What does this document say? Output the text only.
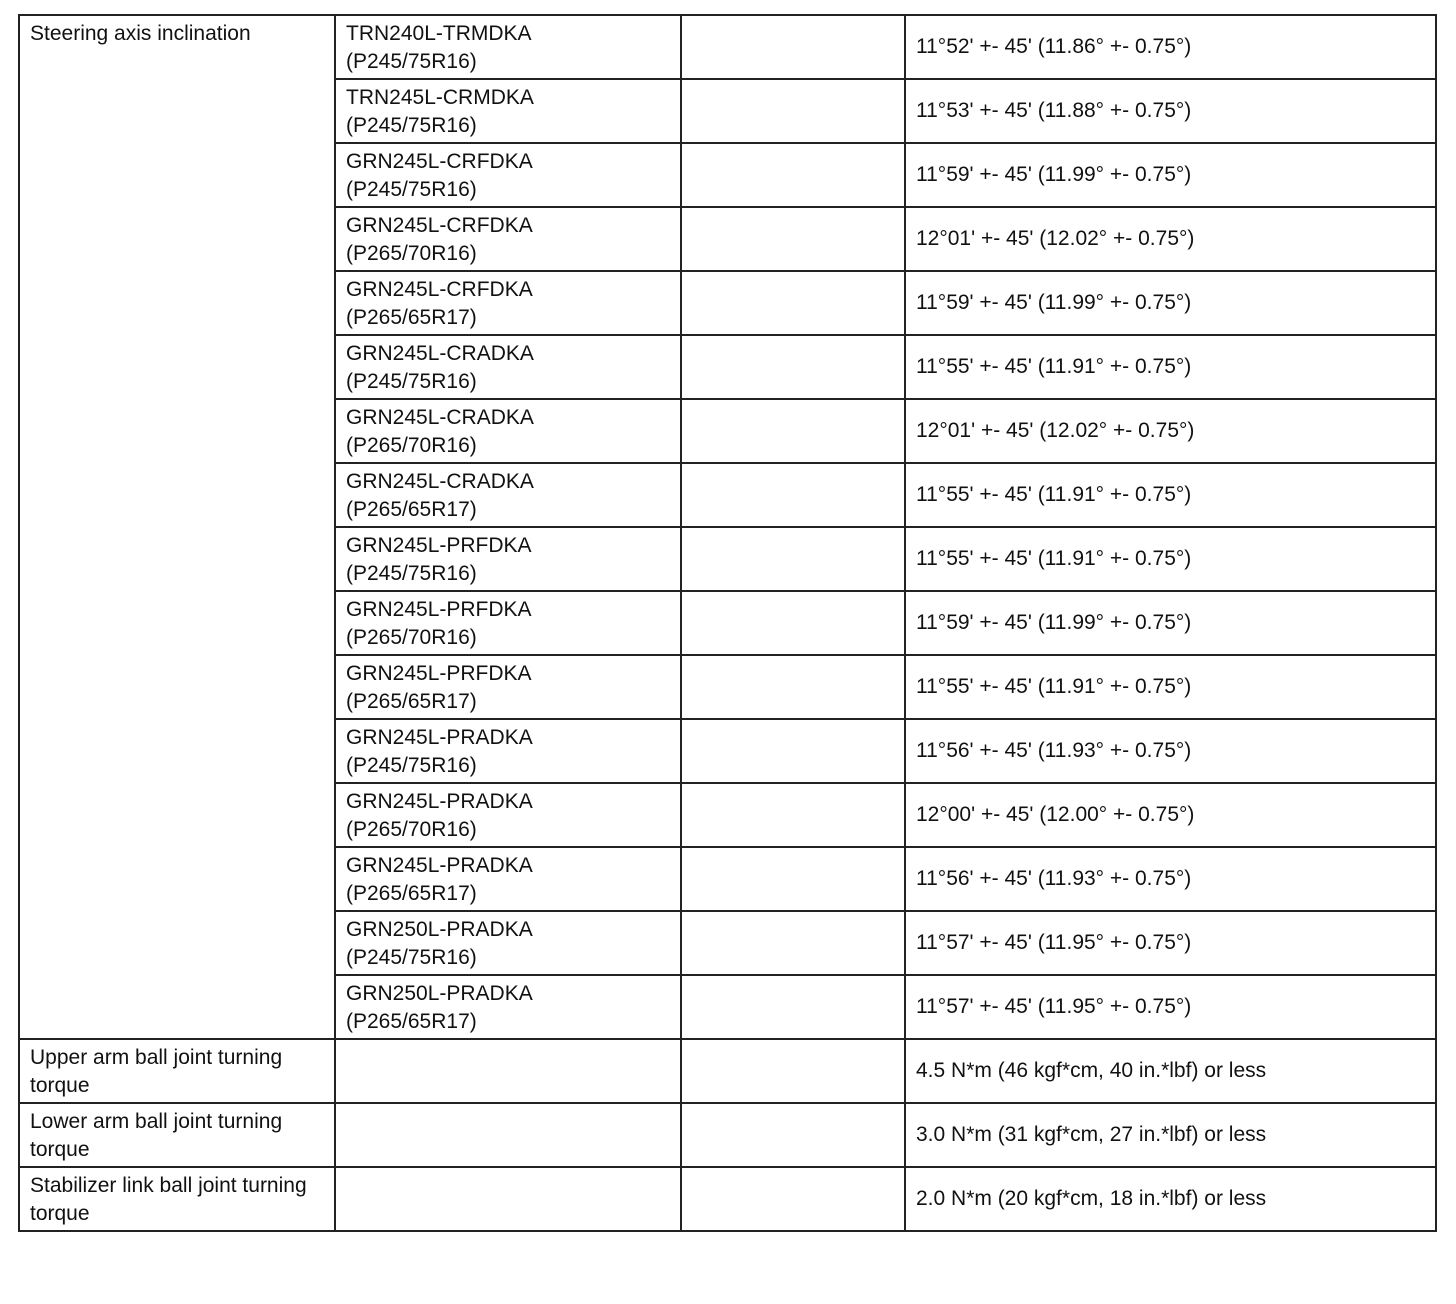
Steering axis inclination	TRN240L-TRMDKA
(P245/75R16)		11°52' +- 45' (11.86° +- 0.75°)

	TRN245L-CRMDKA
(P245/75R16)		11°53' +- 45' (11.88° +- 0.75°)

	GRN245L-CRFDKA
(P245/75R16)		11°59' +- 45' (11.99° +- 0.75°)

	GRN245L-CRFDKA
(P265/70R16)		12°01' +- 45' (12.02° +- 0.75°)

	GRN245L-CRFDKA
(P265/65R17)		11°59' +- 45' (11.99° +- 0.75°)

	GRN245L-CRADKA
(P245/75R16)		11°55' +- 45' (11.91° +- 0.75°)

	GRN245L-CRADKA
(P265/70R16)		12°01' +- 45' (12.02° +- 0.75°)

	GRN245L-CRADKA
(P265/65R17)		11°55' +- 45' (11.91° +- 0.75°)

	GRN245L-PRFDKA
(P245/75R16)		11°55' +- 45' (11.91° +- 0.75°)

	GRN245L-PRFDKA
(P265/70R16)		11°59' +- 45' (11.99° +- 0.75°)

	GRN245L-PRFDKA
(P265/65R17)		11°55' +- 45' (11.91° +- 0.75°)

	GRN245L-PRADKA
(P245/75R16)		11°56' +- 45' (11.93° +- 0.75°)

	GRN245L-PRADKA
(P265/70R16)		12°00' +- 45' (12.00° +- 0.75°)

	GRN245L-PRADKA
(P265/65R17)		11°56' +- 45' (11.93° +- 0.75°)

	GRN250L-PRADKA
(P245/75R16)		11°57' +- 45' (11.95° +- 0.75°)

	GRN250L-PRADKA
(P265/65R17)		11°57' +- 45' (11.95° +- 0.75°)

Upper arm ball joint turning
torque			4.5 N*m (46 kgf*cm, 40 in.*lbf) or less

Lower arm ball joint turning
torque			3.0 N*m (31 kgf*cm, 27 in.*lbf) or less

Stabilizer link ball joint turning
torque			2.0 N*m (20 kgf*cm, 18 in.*lbf) or less
